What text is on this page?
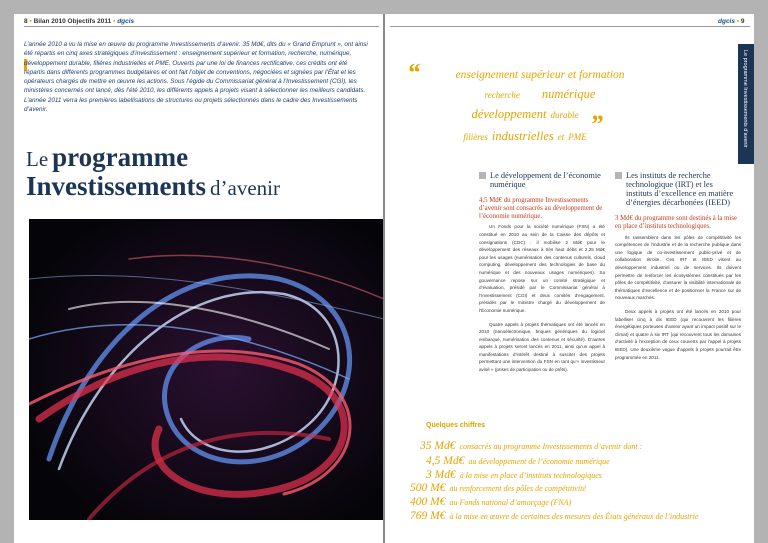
8 ▪ Bilan 2010 Objectifs 2011 ▪ dgcis
L’année 2010 a vu la mise en œuvre du programme Investissements d’avenir. 35 Md€, dits du « Grand Emprunt », ont ainsi été répartis en cinq axes stratégiques d’investissement : enseignement supérieur et formation, recherche, numérique, développement durable, filières industrielles et PME. Ouverts par une loi de finances rectificative, ces crédits ont été répartis dans différents programmes budgétaires et ont fait l’objet de conventions, négociées et signées par l’État et les opérateurs chargés de mettre en œuvre les actions. Sous l’égide du Commissariat général à l’Investissement (CGI), les ministères concernés ont lancé, dès l’été 2010, les différents appels à projets visant à sélectionner les meilleurs candidats. L’année 2011 verra les premières labellisations de structures ou projets sélectionnés dans le cadre des Investissements d’avenir.
Le programme
Investissements d’avenir
dgcis ▪ 9
Le programme Investissements d’avenir
“	enseignement supérieur et formation
recherche numérique
développement durable
filières industrielles et PME ”
Le développement de l’économie numérique
4,5 Md€ du programme Investissements d’avenir sont consacrés au développement de l’économie numérique.

Un Fonds pour la société numérique (FSN) a été constitué en 2010 au sein de la Caisse des dépôts et consignations (CDC) : il mobilise 2 Md€ pour le développement des réseaux à très haut débit et 2,25 Md€ pour les usages (numérisation des contenus culturels, cloud computing, développement des technologies de base du numérique et des nouveaux usages numériques). Sa gouvernance repose sur un comité stratégique et d’évaluation, présidé par le Commissariat général à l’Investissement (CGI) et deux comités d’engagement, présidés par le ministre chargé du développement de l’Économie numérique.

Quatre appels à projets thématiques ont été lancés en 2010 (nanoélectronique, briques génériques du logiciel embarqué, numérisation des contenus et sécurité). D’autres appels à projets seront lancés en 2011, ainsi qu’un appel à manifestations d’intérêt destiné à susciter des projets permettant une intervention du FSN en tant qu’« investisseur avisé » (prises de participation ou de prêts).

Les instituts de recherche technologique (IRT) et les instituts d’excellence en matière d’énergies décarbonées (IEED)
3 Md€ du programme sont destinés à la mise en place d’instituts technologiques.

Ils rassemblent dans les pôles de compétitivité les compétences de l’industrie et de la recherche publique dans une logique de co-investissement public-privé et de collaboration étroite. Ces IRT et IEED visent au développement industriel ou de services. Ils doivent permettre de renforcer les écosystèmes constitués par les pôles de compétitivité, d’assurer la visibilité internationale de thématiques d’excellence et de positionner la France sur de nouveaux marchés.

Deux appels à projets ont été lancés en 2010 pour labelliser cinq à dix IEED (qui recouvrent les filières énergétiques porteuses d’avenir ayant un impact positif sur le climat) et quatre à six IRT (qui recouvrent tous les domaines d’activité à l’exception de ceux couverts par l’appel à projets IEED). Une deuxième vague d’appels à projets pourrait être programmée en 2011.

Quelques chiffres
35 Md€ consacrés au programme Investissements d’avenir dont :
4,5 Md€ au développement de l’économie numérique
3 Md€ à la mise en place d’instituts technologiques
500 M€ au renforcement des pôles de compétitivité
400 M€ au Fonds national d’amorçage (FNA)
769 M€ à la mise en œuvre de certaines des mesures des États généraux de l’industrie
